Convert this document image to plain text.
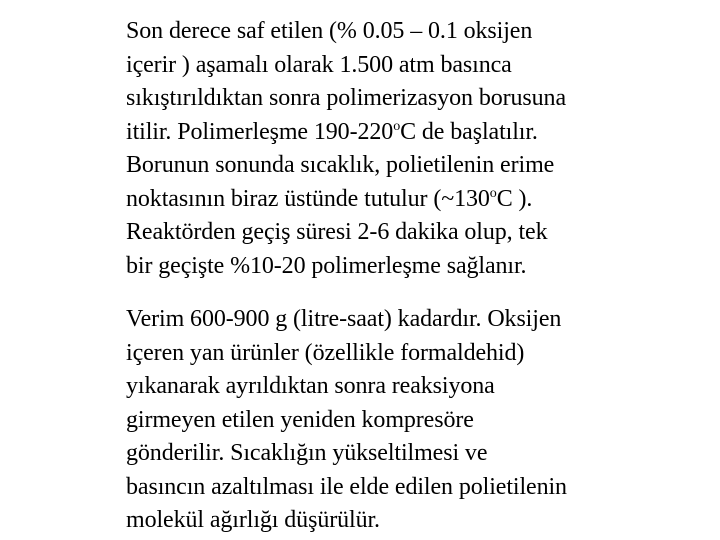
Son derece saf etilen (% 0.05 – 0.1 oksijen
içerir ) aşamalı olarak 1.500 atm basınca
sıkıştırıldıktan sonra polimerizasyon borusuna
itilir. Polimerleşme 190-220$^o$C de başlatılır.
Borunun sonunda sıcaklık, polietilenin erime
noktasının biraz üstünde tutulur (~130$^o$C ).
Reaktörden geçiş süresi 2-6 dakika olup, tek
bir geçişte %10-20 polimerleşme sağlanır.
Verim 600-900 g (litre-saat) kadardır. Oksijen
içeren yan ürünler (özellikle formaldehid)
yıkanarak ayrıldıktan sonra reaksiyona
girmeyen etilen yeniden kompresöre
gönderilir. Sıcaklığın yükseltilmesi ve
basıncın azaltılması ile elde edilen polietilenin
molekül ağırlığı düşürülür.
